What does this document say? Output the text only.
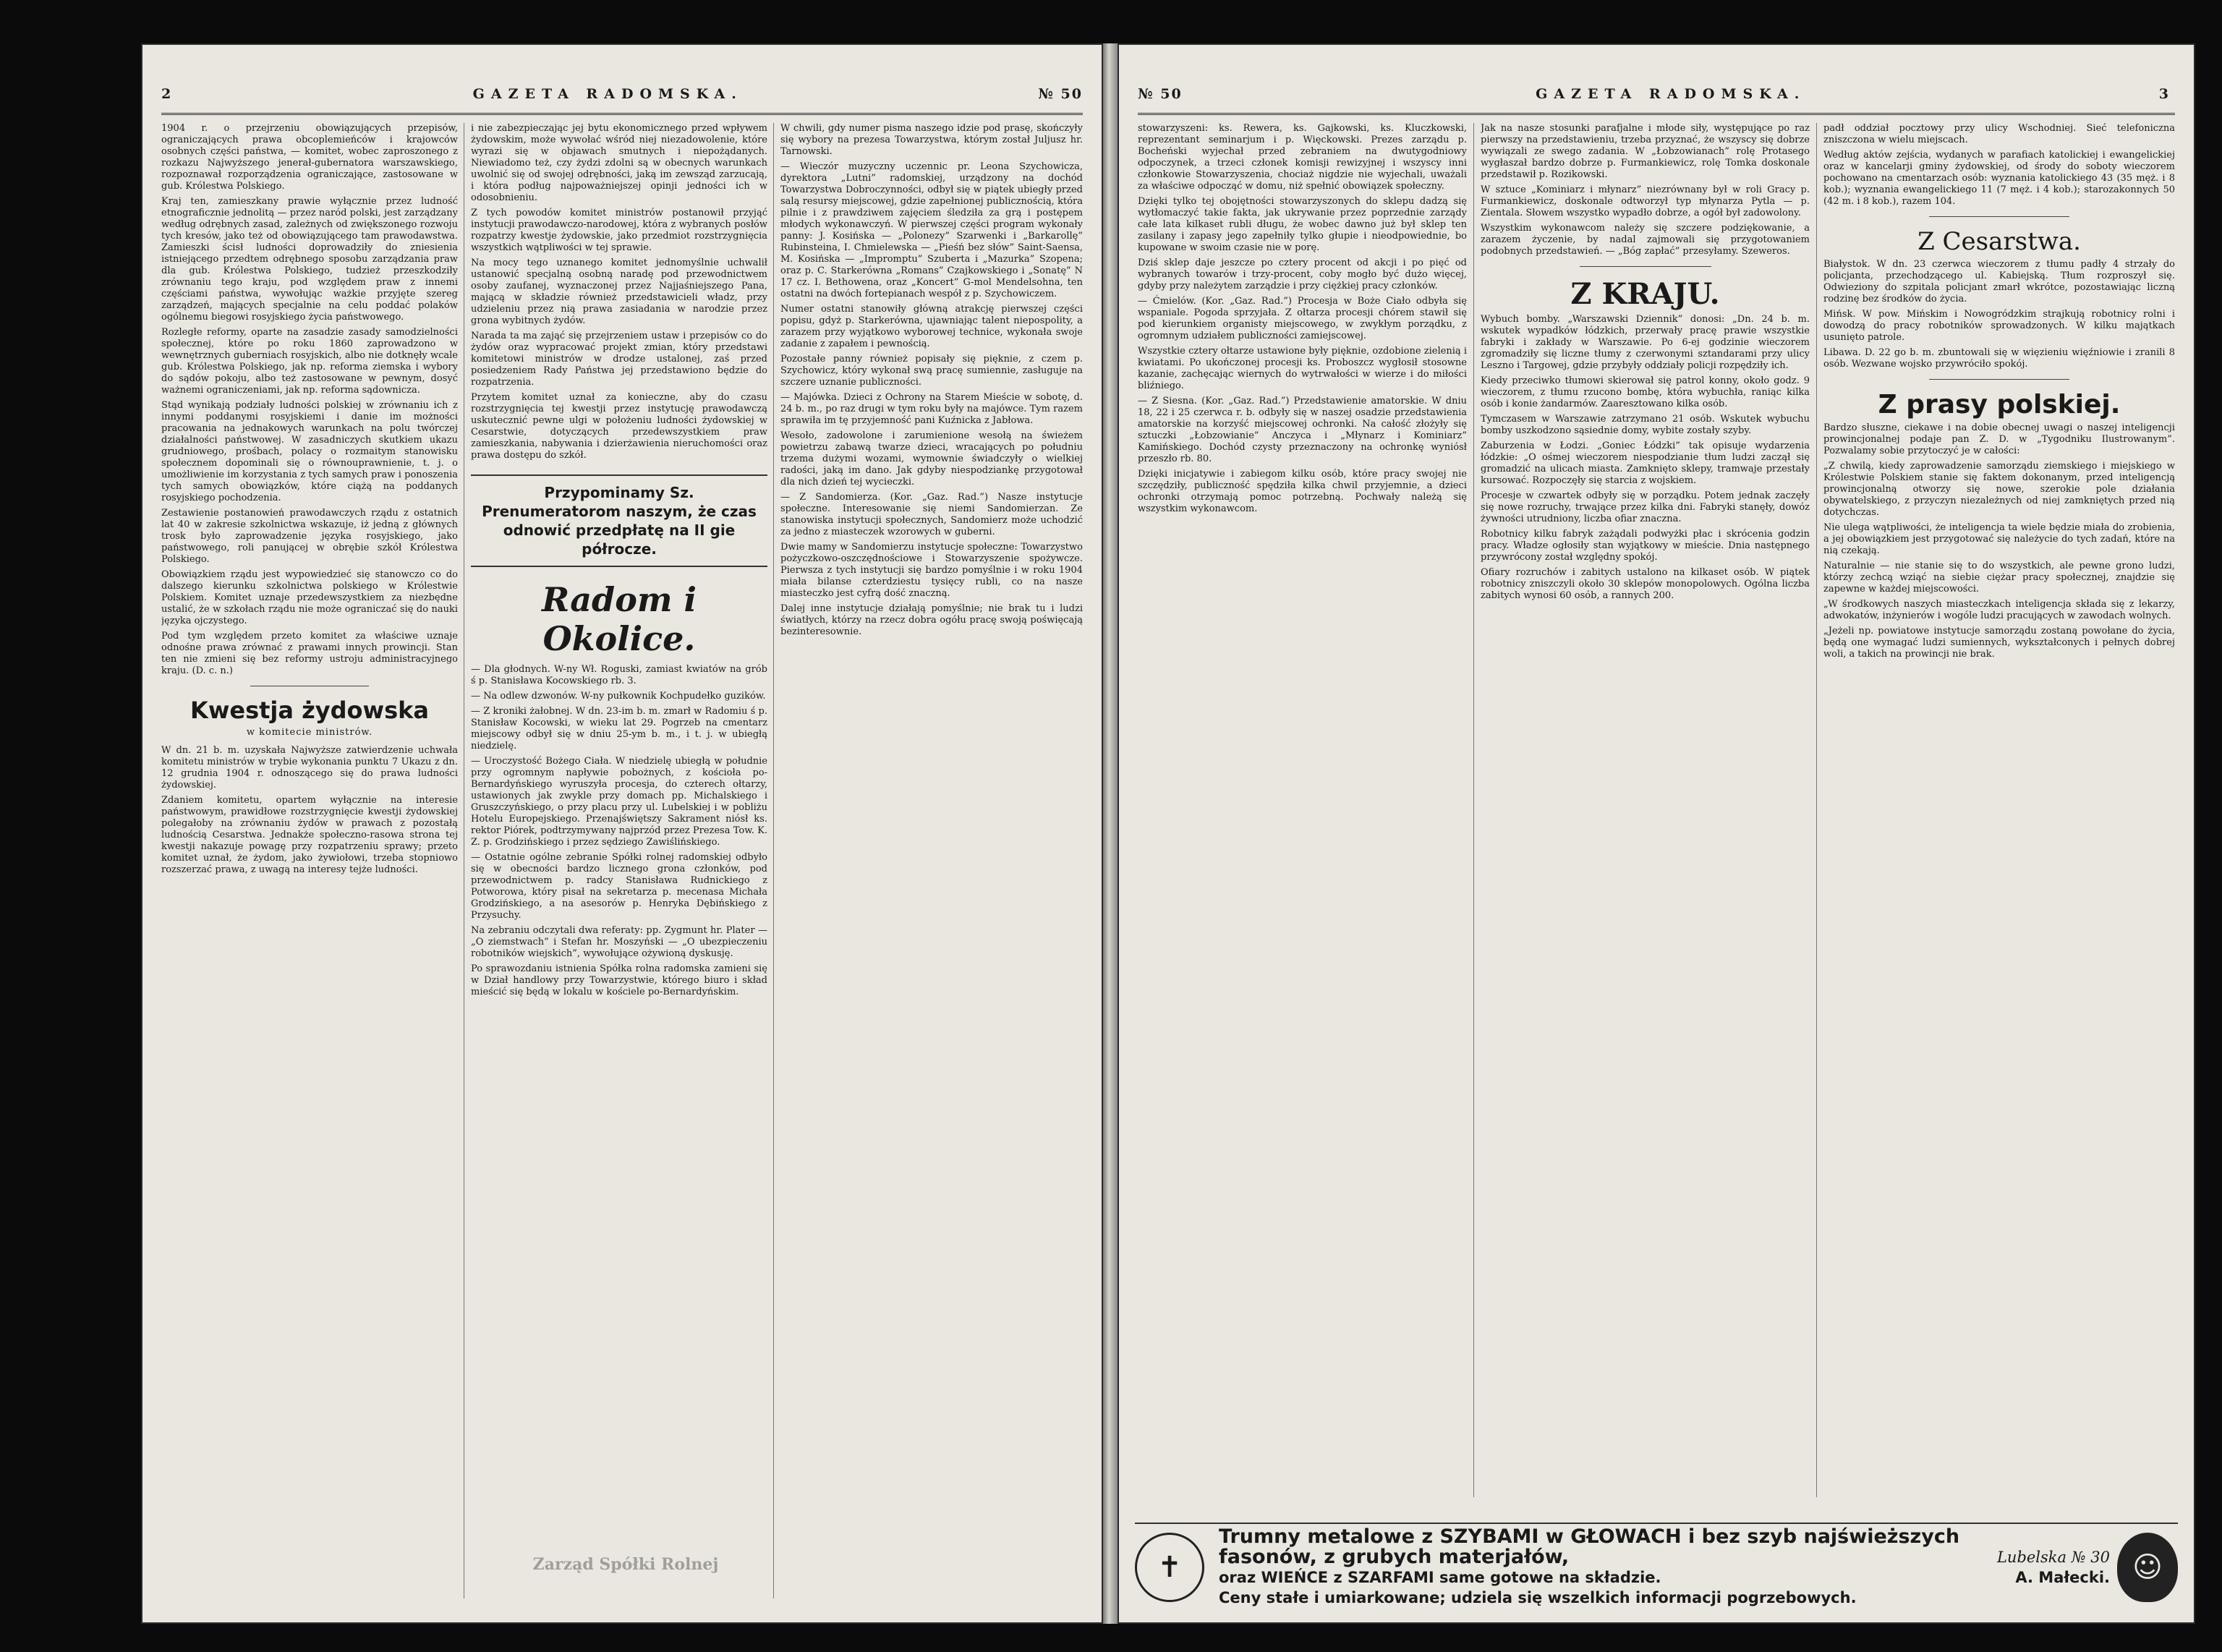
2	GAZETA RADOMSKA.	№ 50

1904 r. o przejrzeniu obowiązujących przepisów, ograniczających prawa obcoplemieńców i krajowców osobnych części państwa, — komitet, wobec zaproszonego z rozkazu Najwyższego jenerał-gubernatora warszawskiego, rozpoznawał rozporządzenia ograniczające, zastosowane w gub. Królestwa Polskiego.

Kraj ten, zamieszkany prawie wyłącznie przez ludność etnograficznie jednolitą — przez naród polski, jest zarządzany według odrębnych zasad, zależnych od zwiększonego rozwoju tych kresów, jako też od obowiązującego tam prawodawstwa. Zamieszki ścisł ludności doprowadziły do zniesienia istniejącego przedtem odrębnego sposobu zarządzania praw dla gub. Królestwa Polskiego, tudzież przeszkodziły zrównaniu tego kraju, pod względem praw z innemi częściami państwa, wywołując ważkie przyjęte szereg zarządzeń, mających specjalnie na celu poddać polaków ogólnemu biegowi rosyjskiego życia państwowego.

Rozległe reformy, oparte na zasadzie zasady samodzielności społecznej, które po roku 1860 zaprowadzono w wewnętrznych guberniach rosyjskich, albo nie dotknęły wcale gub. Królestwa Polskiego, jak np. reforma ziemska i wybory do sądów pokoju, albo też zastosowane w pewnym, dosyć ważnemi ograniczeniami, jak np. reforma sądownicza.

Stąd wynikają podziały ludności polskiej w zrównaniu ich z innymi poddanymi rosyjskiemi i danie im możności pracowania na jednakowych warunkach na polu twórczej działalności państwowej. W zasadniczych skutkiem ukazu grudniowego, prośbach, polacy o rozmaitym stanowisku społecznem dopominali się o równouprawnienie, t. j. o umożliwienie im korzystania z tych samych praw i ponoszenia tych samych obowiązków, które ciążą na poddanych rosyjskiego pochodzenia.

Zestawienie postanowień prawodawczych rządu z ostatnich lat 40 w zakresie szkolnictwa wskazuje, iż jedną z głównych trosk było zaprowadzenie języka rosyjskiego, jako państwowego, roli panującej w obrębie szkół Królestwa Polskiego.

Obowiązkiem rządu jest wypowiedzieć się stanowczo co do dalszego kierunku szkolnictwa polskiego w Królestwie Polskiem. Komitet uznaje przedewszystkiem za niezbędne ustalić, że w szkołach rządu nie może ograniczać się do nauki języka ojczystego.

Pod tym względem przeto komitet za właściwe uznaje odnośne prawa zrównać z prawami innych prowincji. Stan ten nie zmieni się bez reformy ustroju administracyjnego kraju. (D. c. n.)

Kwestja żydowska
w komitecie ministrów.

W dn. 21 b. m. uzyskała Najwyższe zatwierdzenie uchwała komitetu ministrów w trybie wykonania punktu 7 Ukazu z dn. 12 grudnia 1904 r. odnoszącego się do prawa ludności żydowskiej.

Zdaniem komitetu, opartem wyłącznie na interesie państwowym, prawidłowe rozstrzygnięcie kwestji żydowskiej polegałoby na zrównaniu żydów w prawach z pozostałą ludnością Cesarstwa. Jednakże społeczno-rasowa strona tej kwestji nakazuje powagę przy rozpatrzeniu sprawy; przeto komitet uznał, że żydom, jako żywiołowi, trzeba stopniowo rozszerzać prawa, z uwagą na interesy tejże ludności.

i nie zabezpieczając jej bytu ekonomicznego przed wpływem żydowskim, może wywołać wśród niej niezadowolenie, które wyrazi się w objawach smutnych i niepożądanych. Niewiadomo też, czy żydzi zdolni są w obecnych warunkach uwolnić się od swojej odrębności, jaką im zewsząd zarzucają, i która podług najpoważniejszej opinji jedności ich w odosobnieniu.

Z tych powodów komitet ministrów postanowił przyjąć instytucji prawodawczo-narodowej, która z wybranych posłów rozpatrzy kwestje żydowskie, jako przedmiot rozstrzygnięcia wszystkich wątpliwości w tej sprawie.

Na mocy tego uznanego komitet jednomyślnie uchwalił ustanowić specjalną osobną naradę pod przewodnictwem osoby zaufanej, wyznaczonej przez Najjaśniejszego Pana, mającą w składzie również przedstawicieli władz, przy udzieleniu przez nią prawa zasiadania w narodzie przez grona wybitnych żydów.

Narada ta ma zająć się przejrzeniem ustaw i przepisów co do żydów oraz wypracować projekt zmian, który przedstawi komitetowi ministrów w drodze ustalonej, zaś przed posiedzeniem Rady Państwa jej przedstawiono będzie do rozpatrzenia.

Przytem komitet uznał za konieczne, aby do czasu rozstrzygnięcia tej kwestji przez instytucję prawodawczą uskutecznić pewne ulgi w położeniu ludności żydowskiej w Cesarstwie, dotyczących przedewszystkiem praw zamieszkania, nabywania i dzierżawienia nieruchomości oraz prawa dostępu do szkół.

Przypominamy Sz. Prenumeratorom naszym, że czas odnowić przedpłatę na II gie półrocze.
Radom i Okolice.

— Dla głodnych. W-ny Wł. Roguski, zamiast kwiatów na grób ś p. Stanisława Kocowskiego rb. 3.

— Na odlew dzwonów. W-ny pułkownik Kochpudełko guzików.

— Z kroniki żałobnej. W dn. 23-im b. m. zmarł w Radomiu ś p. Stanisław Kocowski, w wieku lat 29. Pogrzeb na cmentarz miejscowy odbył się w dniu 25-ym b. m., i t. j. w ubiegłą niedzielę.

— Uroczystość Bożego Ciała. W niedzielę ubiegłą w południe przy ogromnym napływie pobożnych, z kościoła po-Bernardyńskiego wyruszyła procesja, do czterech ołtarzy, ustawionych jak zwykle przy domach pp. Michalskiego i Gruszczyńskiego, o przy placu przy ul. Lubelskiej i w pobliżu Hotelu Europejskiego. Przenajświętszy Sakrament niósł ks. rektor Piórek, podtrzymywany najprzód przez Prezesa Tow. K. Z. p. Grodzińskiego i przez sędziego Zawiślińskiego.

— Ostatnie ogólne zebranie Spółki rolnej radomskiej odbyło się w obecności bardzo licznego grona członków, pod przewodnictwem p. radcy Stanisława Rudnickiego z Potworowa, który pisał na sekretarza p. mecenasa Michała Grodzińskiego, a na asesorów p. Henryka Dębińskiego z Przysuchy.

Na zebraniu odczytali dwa referaty: pp. Zygmunt hr. Plater — „O ziemstwach” i Stefan hr. Moszyński — „O ubezpieczeniu robotników wiejskich”, wywołujące ożywioną dyskusję.

Po sprawozdaniu istnienia Spółka rolna radomska zamieni się w Dział handlowy przy Towarzystwie, którego biuro i skład mieścić się będą w lokalu w kościele po-Bernardyńskim.

W chwili, gdy numer pisma naszego idzie pod prasę, skończyły się wybory na prezesa Towarzystwa, którym został Juljusz hr. Tarnowski.

— Wieczór muzyczny uczennic pr. Leona Szychowicza, dyrektora „Lutni” radomskiej, urządzony na dochód Towarzystwa Dobroczynności, odbył się w piątek ubiegły przed salą resursy miejscowej, gdzie zapełnionej publicznością, która pilnie i z prawdziwem zajęciem śledziła za grą i postępem młodych wykonawczyń. W pierwszej części program wykonały panny: J. Kosińska — „Polonezy” Szarwenki i „Barkarollę” Rubinsteina, I. Chmielewska — „Pieśń bez słów” Saint-Saensa, M. Kosińska — „Impromptu” Szuberta i „Mazurka” Szopena; oraz p. C. Starkerówna „Romans” Czajkowskiego i „Sonatę” N 17 cz. I. Bethowena, oraz „Koncert” G-mol Mendelsohna, ten ostatni na dwóch fortepianach wespół z p. Szychowiczem.

Numer ostatni stanowiły główną atrakcję pierwszej części popisu, gdyż p. Starkerówna, ujawniając talent niepospolity, a zarazem przy wyjątkowo wyborowej technice, wykonała swoje zadanie z zapałem i pewnością.

Pozostałe panny również popisały się pięknie, z czem p. Szychowicz, który wykonał swą pracę sumiennie, zasługuje na szczere uznanie publiczności.

— Majówka. Dzieci z Ochrony na Starem Mieście w sobotę, d. 24 b. m., po raz drugi w tym roku były na majówce. Tym razem sprawiła im tę przyjemność pani Kuźnicka z Jabłowa.

Wesoło, zadowolone i zarumienione wesołą na świeżem powietrzu zabawą twarze dzieci, wracających po południu trzema dużymi wozami, wymownie świadczyły o wielkiej radości, jaką im dano. Jak gdyby niespodziankę przygotował dla nich dzień tej wycieczki.

— Z Sandomierza. (Kor. „Gaz. Rad.”) Nasze instytucje społeczne. Interesowanie się niemi Sandomierzan. Ze stanowiska instytucji społecznych, Sandomierz może uchodzić za jedno z miasteczek wzorowych w guberni.

Dwie mamy w Sandomierzu instytucje społeczne: Towarzystwo pożyczkowo-oszczędnościowe i Stowarzyszenie spożywcze. Pierwsza z tych instytucji się bardzo pomyślnie i w roku 1904 miała bilanse czterdziestu tysięcy rubli, co na nasze miasteczko jest cyfrą dość znaczną.

Dalej inne instytucje działają pomyślnie; nie brak tu i ludzi światłych, którzy na rzecz dobra ogółu pracę swoją poświęcają bezinteresownie.

Zarząd Spółki Rolnej
№ 50	GAZETA RADOMSKA.	3

stowarzyszeni: ks. Rewera, ks. Gajkowski, ks. Kluczkowski, reprezentant seminarjum i p. Więckowski. Prezes zarządu p. Bocheński wyjechał przed zebraniem na dwutygodniowy odpoczynek, a trzeci członek komisji rewizyjnej i wszyscy inni członkowie Stowarzyszenia, chociaż nigdzie nie wyjechali, uważali za właściwe odpocząć w domu, niż spełnić obowiązek społeczny.

Dzięki tylko tej obojętności stowarzyszonych do sklepu dadzą się wytłomaczyć takie fakta, jak ukrywanie przez poprzednie zarządy całe lata kilkaset rubli długu, że wobec dawno już był sklep ten zasilany i zapasy jego zapełniły tylko głupie i nieodpowiednie, bo kupowane w swoim czasie nie w porę.

Dziś sklep daje jeszcze po cztery procent od akcji i po pięć od wybranych towarów i trzy-procent, coby mogło być dużo więcej, gdyby przy należytem zarządzie i przy ciężkiej pracy członków.

— Ćmielów. (Kor. „Gaz. Rad.”) Procesja w Boże Ciało odbyła się wspaniale. Pogoda sprzyjała. Z ołtarza procesji chórem stawił się pod kierunkiem organisty miejscowego, w zwykłym porządku, z ogromnym udziałem publiczności zamiejscowej.

Wszystkie cztery ołtarze ustawione były pięknie, ozdobione zielenią i kwiatami. Po ukończonej procesji ks. Proboszcz wygłosił stosowne kazanie, zachęcając wiernych do wytrwałości w wierze i do miłości bliźniego.

— Z Siesna. (Kor. „Gaz. Rad.”) Przedstawienie amatorskie. W dniu 18, 22 i 25 czerwca r. b. odbyły się w naszej osadzie przedstawienia amatorskie na korzyść miejscowej ochronki. Na całość złożyły się sztuczki „Łobzowianie” Anczyca i „Młynarz i Kominiarz” Kamińskiego. Dochód czysty przeznaczony na ochronkę wyniósł przeszło rb. 80.

Dzięki inicjatywie i zabiegom kilku osób, które pracy swojej nie szczędziły, publiczność spędziła kilka chwil przyjemnie, a dzieci ochronki otrzymają pomoc potrzebną. Pochwały należą się wszystkim wykonawcom.

Jak na nasze stosunki parafjalne i młode siły, występujące po raz pierwszy na przedstawieniu, trzeba przyznać, że wszyscy się dobrze wywiązali ze swego zadania. W „Łobzowianach” rolę Protasego wygłaszał bardzo dobrze p. Furmankiewicz, rolę Tomka doskonale przedstawił p. Rozikowski.

W sztuce „Kominiarz i młynarz” niezrównany był w roli Gracy p. Furmankiewicz, doskonale odtworzył typ młynarza Pytla — p. Zientala. Słowem wszystko wypadło dobrze, a ogół był zadowolony.

Wszystkim wykonawcom należy się szczere podziękowanie, a zarazem życzenie, by nadal zajmowali się przygotowaniem podobnych przedstawień. — „Bóg zapłać” przesyłamy. Szeweros.

Z KRAJU.

Wybuch bomby. „Warszawski Dziennik” donosi: „Dn. 24 b. m. wskutek wypadków łódzkich, przerwały pracę prawie wszystkie fabryki i zakłady w Warszawie. Po 6-ej godzinie wieczorem zgromadziły się liczne tłumy z czerwonymi sztandarami przy ulicy Leszno i Targowej, gdzie przybyły oddziały policji rozpędziły ich.

Kiedy przeciwko tłumowi skierował się patrol konny, około godz. 9 wieczorem, z tłumu rzucono bombę, która wybuchła, raniąc kilka osób i konie żandarmów. Zaaresztowano kilka osób.

Tymczasem w Warszawie zatrzymano 21 osób. Wskutek wybuchu bomby uszkodzono sąsiednie domy, wybite zostały szyby.

Zaburzenia w Łodzi. „Goniec Łódzki” tak opisuje wydarzenia łódzkie: „O ośmej wieczorem niespodzianie tłum ludzi zaczął się gromadzić na ulicach miasta. Zamknięto sklepy, tramwaje przestały kursować. Rozpoczęły się starcia z wojskiem.

Procesje w czwartek odbyły się w porządku. Potem jednak zaczęły się nowe rozruchy, trwające przez kilka dni. Fabryki stanęły, dowóz żywności utrudniony, liczba ofiar znaczna.

Robotnicy kilku fabryk zażądali podwyżki płac i skrócenia godzin pracy. Władze ogłosiły stan wyjątkowy w mieście. Dnia następnego przywrócony został względny spokój.

Ofiary rozruchów i zabitych ustalono na kilkaset osób. W piątek robotnicy zniszczyli około 30 sklepów monopolowych. Ogólna liczba zabitych wynosi 60 osób, a rannych 200.

padł oddział pocztowy przy ulicy Wschodniej. Sieć telefoniczna zniszczona w wielu miejscach.

Według aktów zejścia, wydanych w parafiach katolickiej i ewangelickiej oraz w kancelarji gminy żydowskiej, od środy do soboty wieczorem pochowano na cmentarzach osób: wyznania katolickiego 43 (35 męż. i 8 kob.); wyznania ewangelickiego 11 (7 męż. i 4 kob.); starozakonnych 50 (42 m. i 8 kob.), razem 104.

Z Cesarstwa.

Białystok. W dn. 23 czerwca wieczorem z tłumu padły 4 strzały do policjanta, przechodzącego ul. Kabiejską. Tłum rozproszył się. Odwieziony do szpitala policjant zmarł wkrótce, pozostawiając liczną rodzinę bez środków do życia.

Mińsk. W pow. Mińskim i Nowogródzkim strajkują robotnicy rolni i dowodzą do pracy robotników sprowadzonych. W kilku majątkach usunięto patrole.

Libawa. D. 22 go b. m. zbuntowali się w więzieniu więźniowie i zranili 8 osób. Wezwane wojsko przywróciło spokój.

Z prasy polskiej.

Bardzo słuszne, ciekawe i na dobie obecnej uwagi o naszej inteligencji prowincjonalnej podaje pan Z. D. w „Tygodniku Ilustrowanym”. Pozwalamy sobie przytoczyć je w całości:

„Z chwilą, kiedy zaprowadzenie samorządu ziemskiego i miejskiego w Królestwie Polskiem stanie się faktem dokonanym, przed inteligencją prowincjonalną otworzy się nowe, szerokie pole działania obywatelskiego, z przyczyn niezależnych od niej zamkniętych przed nią dotychczas.

Nie ulega wątpliwości, że inteligencja ta wiele będzie miała do zrobienia, a jej obowiązkiem jest przygotować się należycie do tych zadań, które na nią czekają.

Naturalnie — nie stanie się to do wszystkich, ale pewne grono ludzi, którzy zechcą wziąć na siebie ciężar pracy społecznej, znajdzie się zapewne w każdej miejscowości.

„W środkowych naszych miasteczkach inteligencja składa się z lekarzy, adwokatów, inżynierów i wogóle ludzi pracujących w zawodach wolnych.

„Jeżeli np. powiatowe instytucje samorządu zostaną powołane do życia, będą one wymagać ludzi sumiennych, wykształconych i pełnych dobrej woli, a takich na prowincji nie brak.

✝
Trumny metalowe z SZYBAMI w GŁOWACH i bez szyb najświeższych fasonów, z grubych materjałów,
oraz WIEŃCE z SZARFAMI same gotowe na składzie.
Ceny stałe i umiarkowane; udziela się wszelkich informacji pogrzebowych.
Lubelska № 30
A. Małecki. ☺
